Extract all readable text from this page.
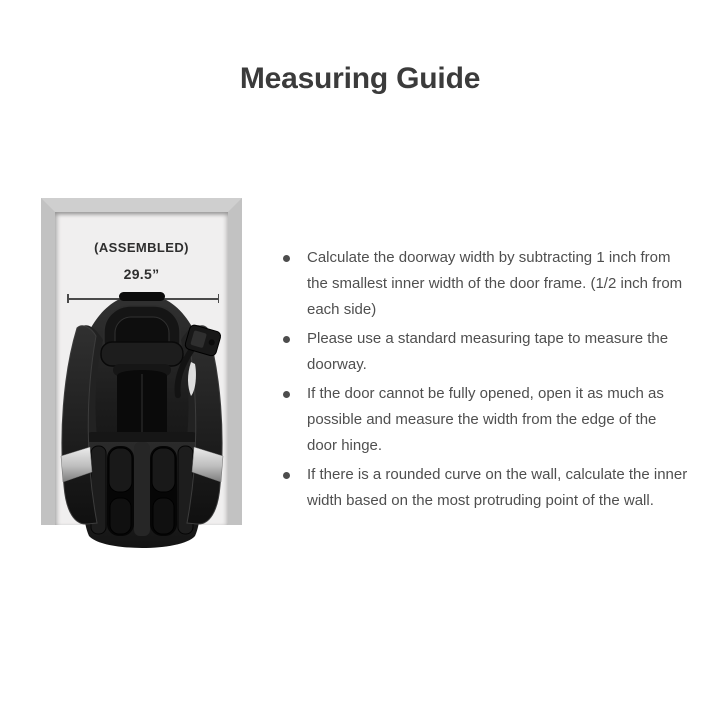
Measuring Guide
(ASSEMBLED)
29.5”
Calculate the doorway width by subtracting 1 inch from
the smallest inner width of the door frame. (1/2 inch from
each side)
Please use a standard measuring tape to measure the
doorway.
If the door cannot be fully opened, open it as much as
possible and measure the width from the edge of the
door hinge.
If there is a rounded curve on the wall, calculate the inner
width based on the most protruding point of the wall.
